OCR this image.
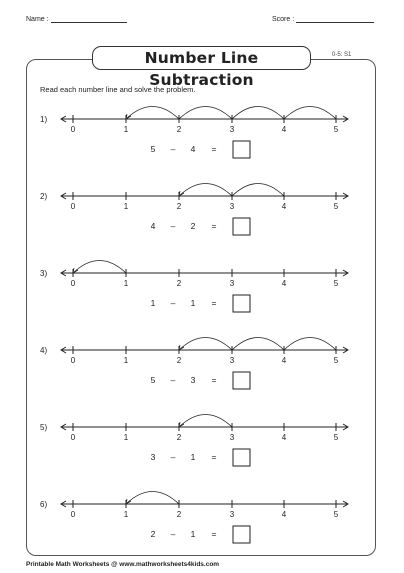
Name :	Score :
Number Line Subtraction
0-5: S1
Read each number line and solve the problem.
1)
0	1	2	3	4	5
5 – 4 =
2)
0	1	2	3	4	5
4 – 2 =
3)
0	1	2	3	4	5
1 – 1 =
4)
0	1	2	3	4	5
5 – 3 =
5)
0	1	2	3	4	5
3 – 1 =
6)
0	1	2	3	4	5
2 – 1 =
Printable Math Worksheets @ www.mathworksheets4kids.com
